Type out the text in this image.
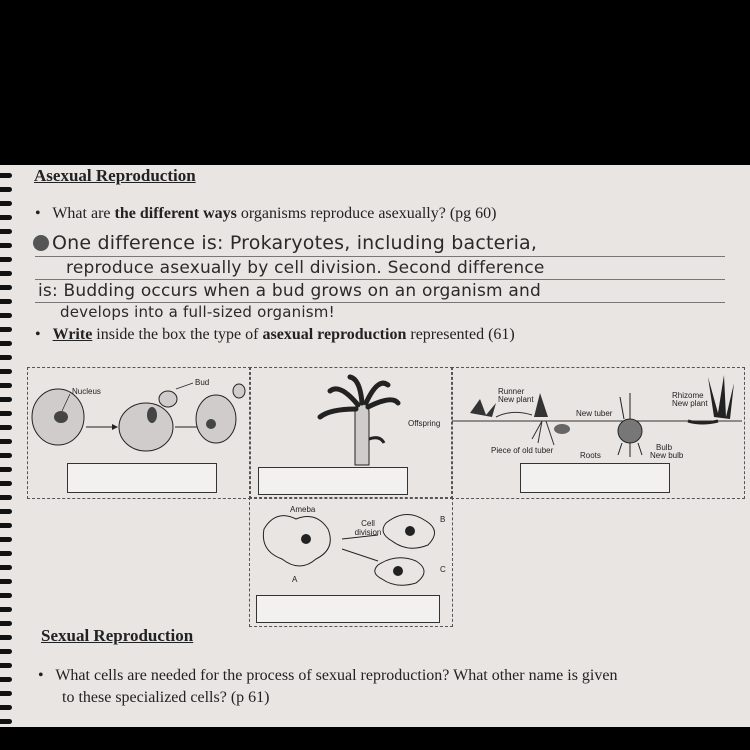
Asexual Reproduction
• What are the different ways organisms reproduce asexually? (pg 60)
One difference is: Prokaryotes, including bacteria,
reproduce asexually by cell division. Second difference
is: Budding occurs when a bud grows on an organism and
develops into a full-sized organism!
• Write inside the box the type of asexual reproduction represented (61)
Nucleus
Bud
Offspring
Runner
New plant
New tuber
Piece of old tuber
Roots
Rhizome
New plant
Bulb
New bulb
Ameba
Cell division
A
B
C
Sexual Reproduction
• What cells are needed for the process of sexual reproduction? What other name is given
to these specialized cells? (p 61)
